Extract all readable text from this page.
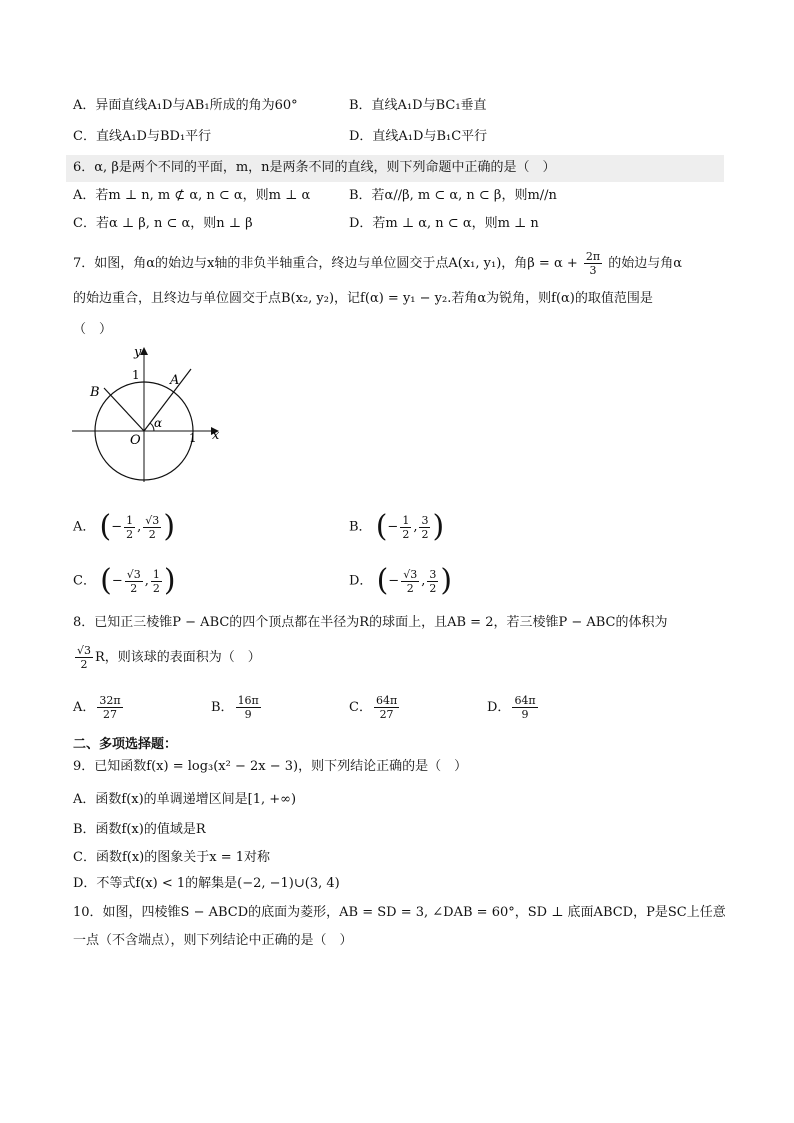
A．异面直线A₁D与AB₁所成的角为60°	B．直线A₁D与BC₁垂直
C．直线A₁D与BD₁平行	D．直线A₁D与B₁C平行
6．α, β是两个不同的平面，m，n是两条不同的直线，则下列命题中正确的是（　）
A．若m ⊥ n, m ⊄ α, n ⊂ α，则m ⊥ α	B．若α//β, m ⊂ α, n ⊂ β，则m//n
C．若α ⊥ β, n ⊂ α，则n ⊥ β	D．若m ⊥ α, n ⊂ α，则m ⊥ n
7．如图，角α的始边与x轴的非负半轴重合，终边与单位圆交于点A(x₁, y₁)，角$\beta = \alpha + \frac{2\pi}{3}$ 的始边与角α
的始边重合，且终边与单位圆交于点B(x₂, y₂)，记f(α) = y₁ − y₂.若角α为锐角，则f(α)的取值范围是
（　）
y
1
x
1
O
A
B
α
A． (− $\frac{1}{2}$ , $\frac{√3}{2}$ )	B． (− $\frac{1}{2}$ , $\frac{3}{2}$ )
C． (− $\frac{√3}{2}$ , $\frac{1}{2}$ )	D． (− $\frac{√3}{2}$ , $\frac{3}{2}$ )
8．已知正三棱锥P − ABC的四个顶点都在半径为R的球面上，且AB = 2，若三棱锥P − ABC的体积为
$\frac{√3}{2}$ R，则该球的表面积为（　）
A． $\frac{32\pi}{27}$	B． $\frac{16\pi}{9}$	C． $\frac{64\pi}{27}$	D． $\frac{64\pi}{9}$
二、多项选择题：
9．已知函数f(x) = log₃(x² − 2x − 3)，则下列结论正确的是（　）
A．函数f(x)的单调递增区间是[1, +∞)
B．函数f(x)的值域是R
C．函数f(x)的图象关于x = 1对称
D．不等式f(x) < 1的解集是(−2, −1)∪(3, 4)
10．如图，四棱锥S − ABCD的底面为菱形，AB = SD = 3, ∠DAB = 60°，SD ⊥ 底面ABCD，P是SC上任意
一点（不含端点），则下列结论中正确的是（　）
